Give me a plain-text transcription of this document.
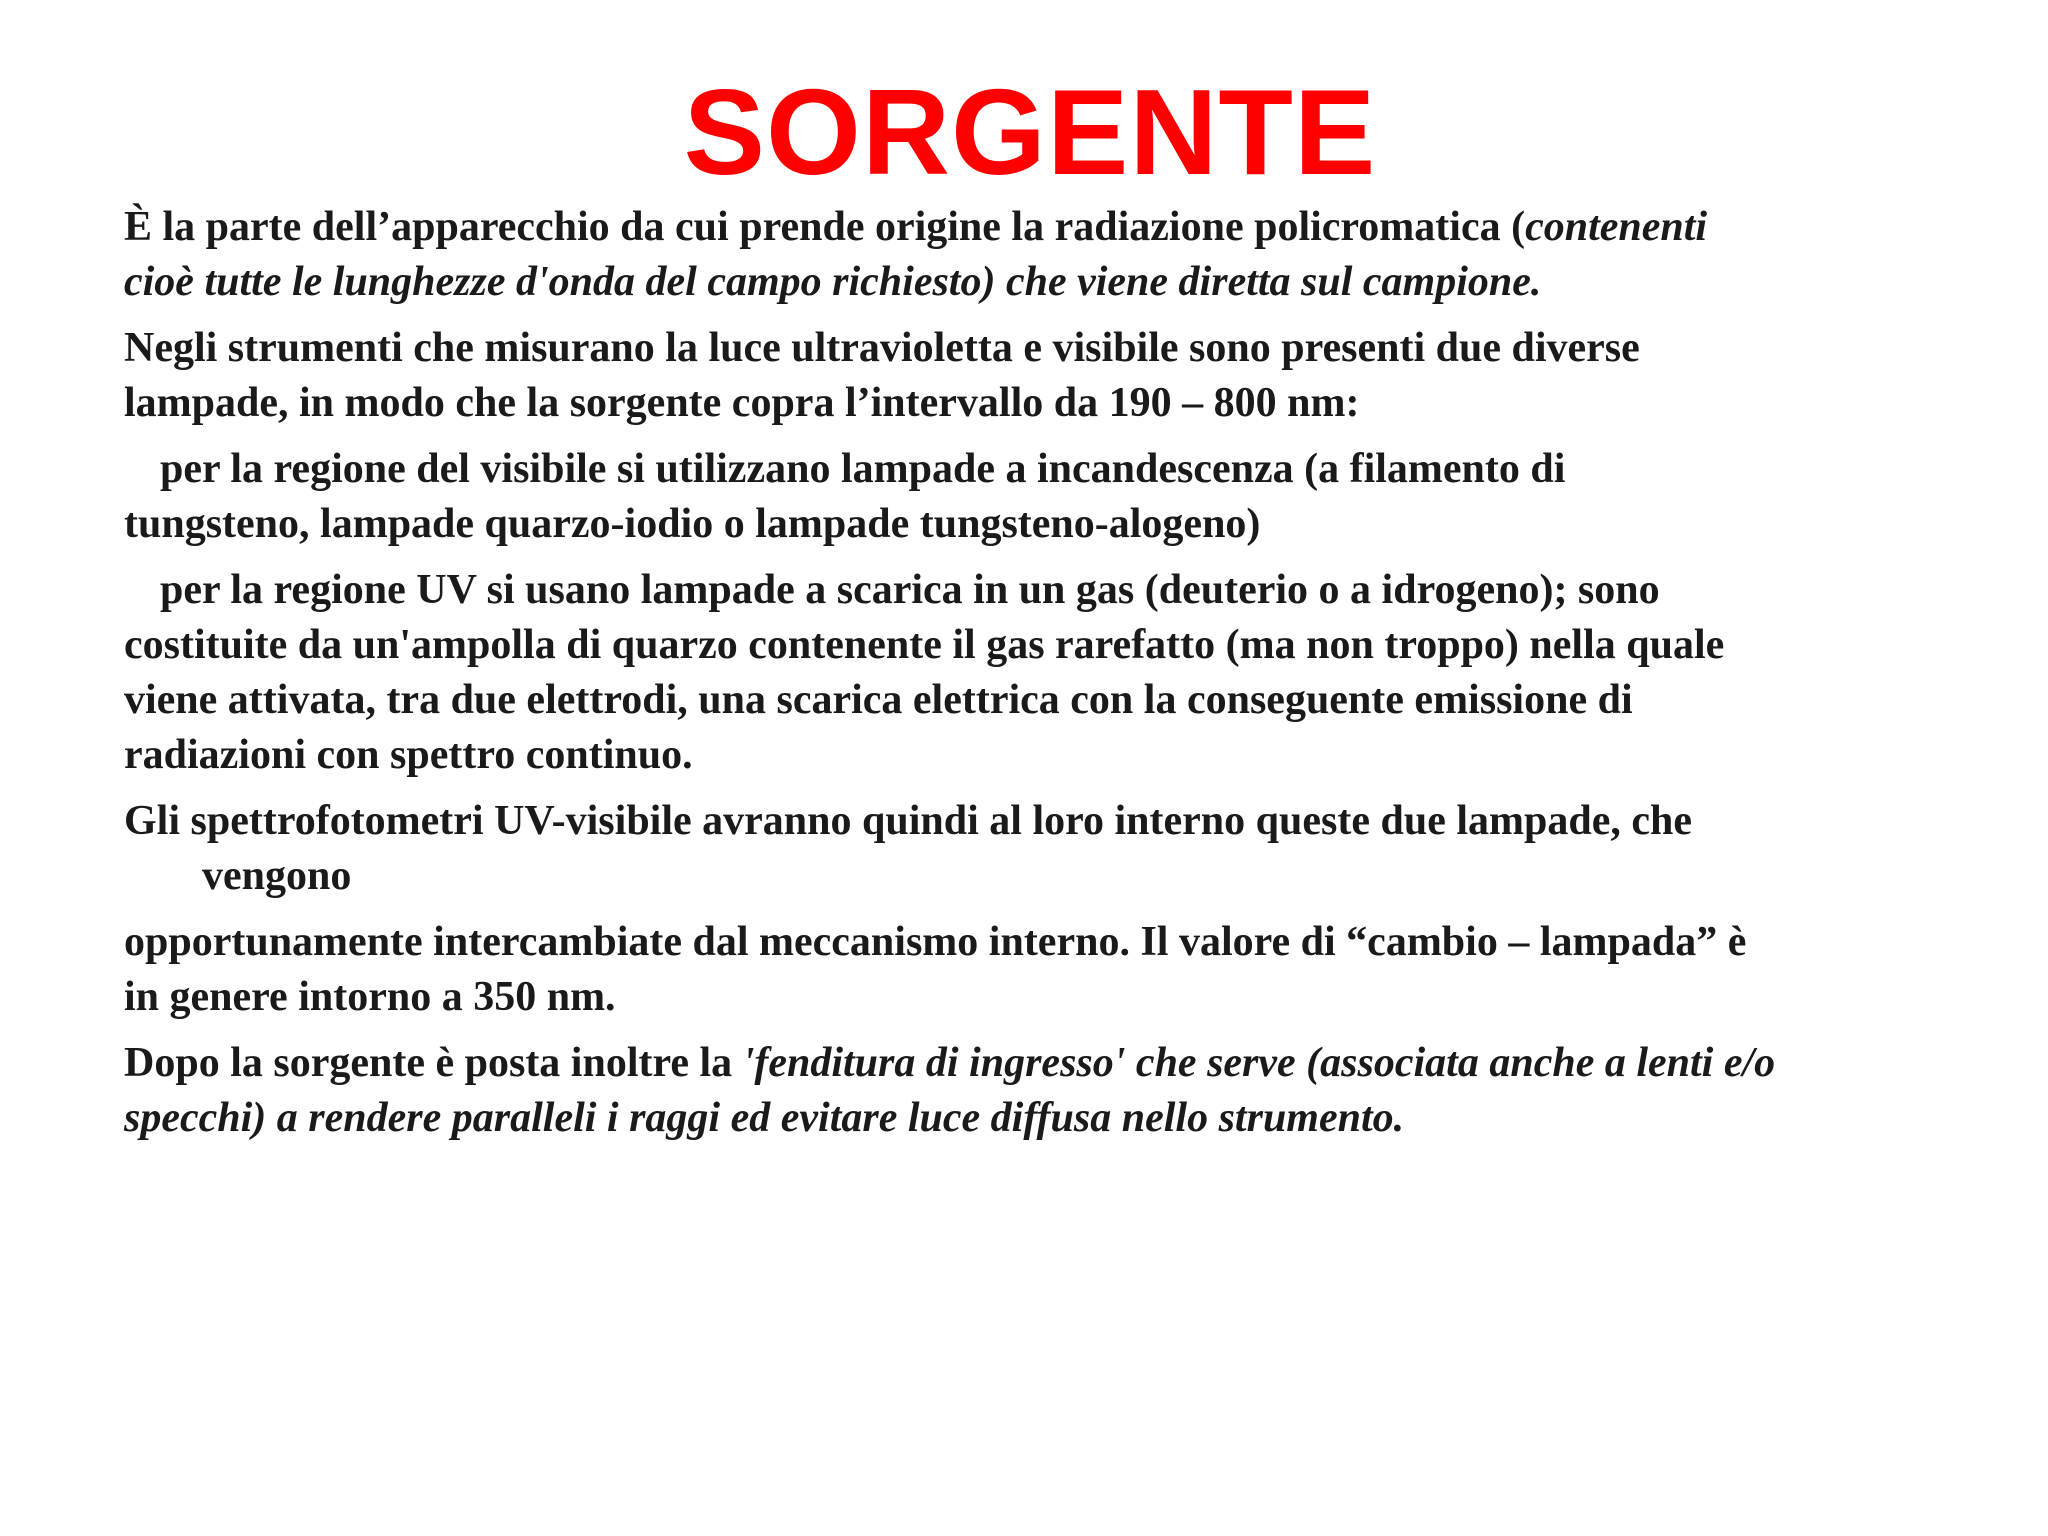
SORGENTE

È la parte dell’apparecchio da cui prende origine la radiazione policromatica (contenenti
cioè tutte le lunghezze d'onda del campo richiesto) che viene diretta sul campione.

Negli strumenti che misurano la luce ultravioletta e visibile sono presenti due diverse
lampade, in modo che la sorgente copra l’intervallo da 190 – 800 nm:

per la regione del visibile si utilizzano lampade a incandescenza (a filamento di
tungsteno, lampade quarzo-iodio o lampade tungsteno-alogeno)

per la regione UV si usano lampade a scarica in un gas (deuterio o a idrogeno); sono
costituite da un'ampolla di quarzo contenente il gas rarefatto (ma non troppo) nella quale
viene attivata, tra due elettrodi, una scarica elettrica con la conseguente emissione di
radiazioni con spettro continuo.

Gli spettrofotometri UV-visibile avranno quindi al loro interno queste due lampade, che
vengono

opportunamente intercambiate dal meccanismo interno. Il valore di “cambio – lampada” è
in genere intorno a 350 nm.

Dopo la sorgente è posta inoltre la 'fenditura di ingresso' che serve (associata anche a lenti e/o
specchi) a rendere paralleli i raggi ed evitare luce diffusa nello strumento.
